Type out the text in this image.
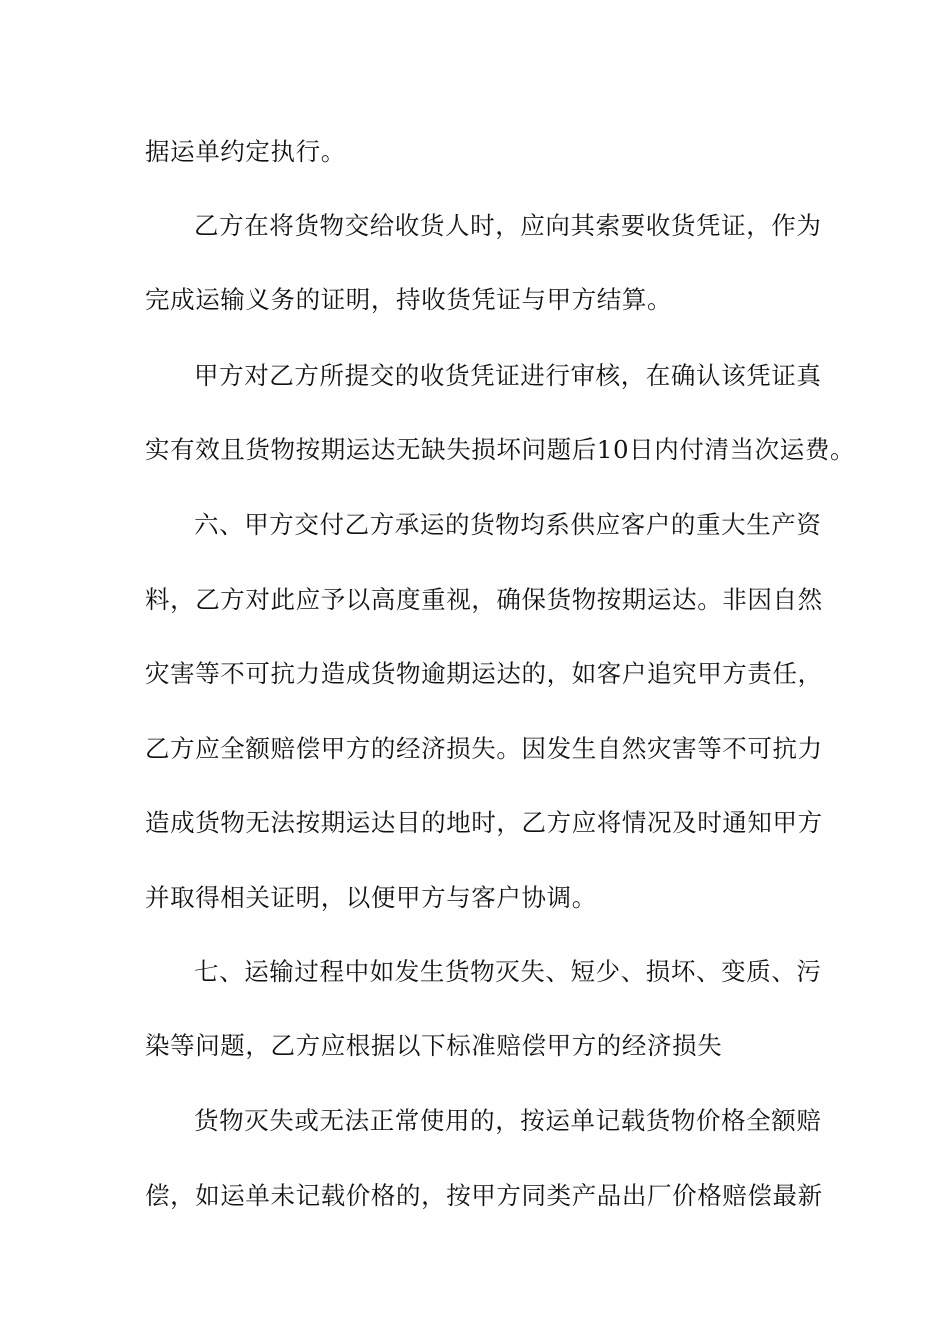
据运单约定执行。
乙方在将货物交给收货人时，应向其索要收货凭证，作为
完成运输义务的证明，持收货凭证与甲方结算。
甲方对乙方所提交的收货凭证进行审核，在确认该凭证真
实有效且货物按期运达无缺失损坏问题后10日内付清当次运费。
六、甲方交付乙方承运的货物均系供应客户的重大生产资
料，乙方对此应予以高度重视，确保货物按期运达。非因自然
灾害等不可抗力造成货物逾期运达的，如客户追究甲方责任，
乙方应全额赔偿甲方的经济损失。因发生自然灾害等不可抗力
造成货物无法按期运达目的地时，乙方应将情况及时通知甲方
并取得相关证明，以便甲方与客户协调。
七、运输过程中如发生货物灭失、短少、损坏、变质、污
染等问题，乙方应根据以下标准赔偿甲方的经济损失
货物灭失或无法正常使用的，按运单记载货物价格全额赔
偿，如运单未记载价格的，按甲方同类产品出厂价格赔偿最新
